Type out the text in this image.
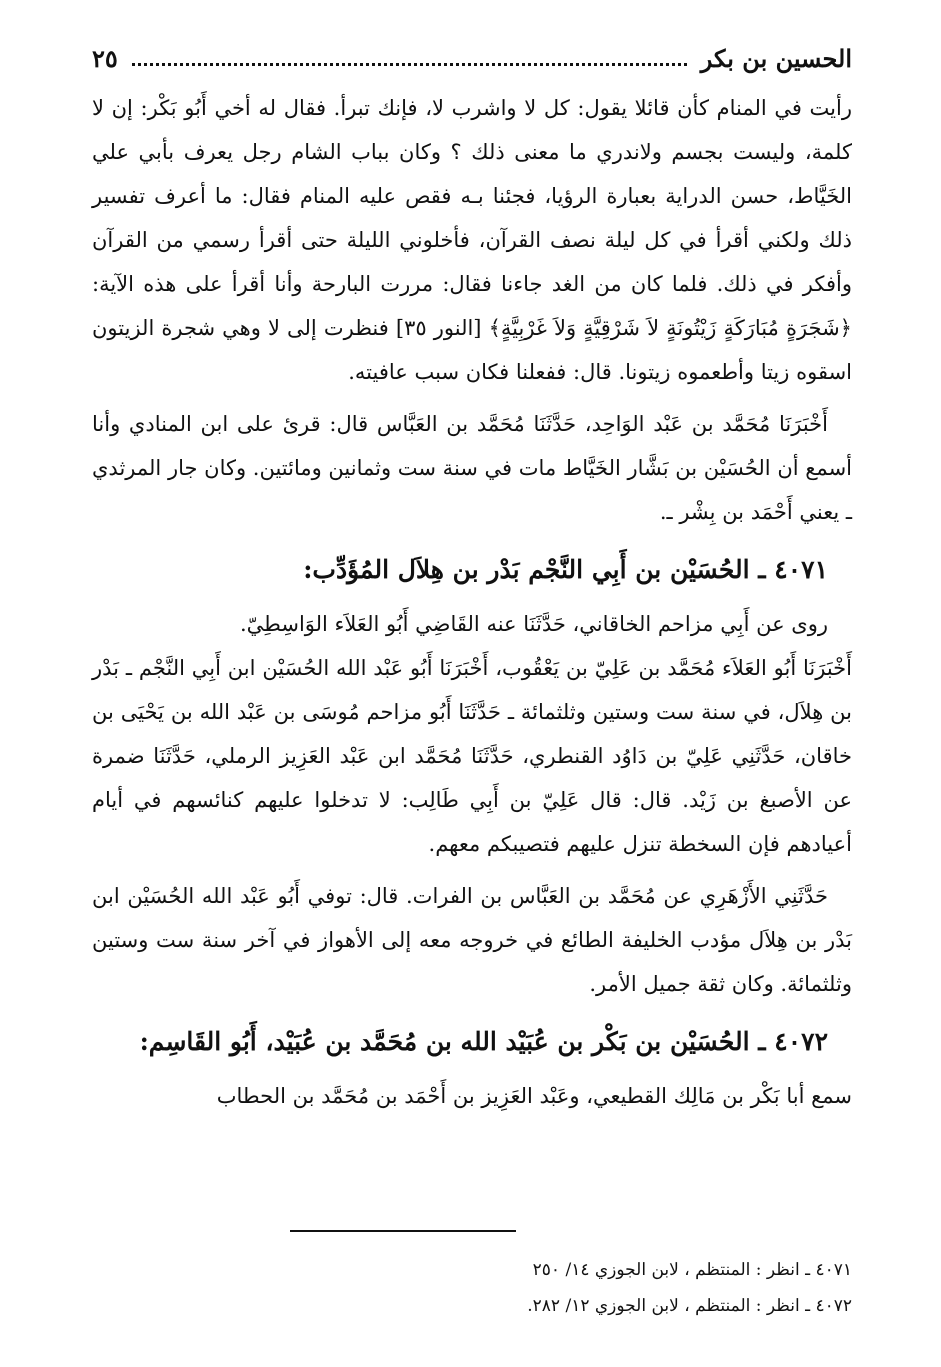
الحسين بن بكر
٢٥

رأيت في المنام كأن قائلا يقول: كل لا واشرب لا، فإنك تبرأ. فقال له أخي أَبُو بَكْر: إن لا كلمة، وليست بجسم ولاندري ما معنى ذلك ؟ وكان بباب الشام رجل يعرف بأبي علي الخَيَّاط، حسن الدراية بعبارة الرؤيا، فجئنا بـه فقص عليه المنام فقال: ما أعرف تفسير ذلك ولكني أقرأ في كل ليلة نصف القرآن، فأخلوني الليلة حتى أقرأ رسمي من القرآن وأفكر في ذلك. فلما كان من الغد جاءنا فقال: مررت البارحة وأنا أقرأ على هذه الآية: ﴿شَجَرَةٍ مُبَارَكَةٍ زَيْتُونَةٍ لاَ شَرْقِيَّةٍ وَلاَ غَرْبِيَّةٍ﴾ [النور ٣٥] فنظرت إلى لا وهي شجرة الزيتون اسقوه زيتا وأطعموه زيتونا. قال: ففعلنا فكان سبب عافيته.

أَخْبَرَنَا مُحَمَّد بن عَبْد الوَاحِد، حَدَّثَنَا مُحَمَّد بن العَبَّاس قال: قرئ على ابن المنادي وأنا أسمع أن الحُسَيْن بن بَشَّار الخَيَّاط مات في سنة ست وثمانين ومائتين. وكان جار المرثدي ـ يعني أَحْمَد بن بِشْر ـ.

٤٠٧١ ـ الحُسَيْن بن أَبِي النَّجْم بَدْر بن هِلاَل المُؤَدِّب:

روى عن أَبِي مزاحم الخاقاني، حَدَّثَنَا عنه القَاضِي أَبُو العَلاَء الوَاسِطِيّ.

أَخْبَرَنَا أَبُو العَلاَء مُحَمَّد بن عَلِيّ بن يَعْقُوب، أَخْبَرَنَا أَبُو عَبْد الله الحُسَيْن ابن أَبِي النَّجْم ـ بَدْر بن هِلاَل، في سنة ست وستين وثلثمائة ـ حَدَّثَنَا أَبُو مزاحم مُوسَى بن عَبْد الله بن يَحْيَى بن خاقان، حَدَّثَنِي عَلِيّ بن دَاوُد القنطري، حَدَّثَنَا مُحَمَّد ابن عَبْد العَزِيز الرملي، حَدَّثَنَا ضمرة عن الأصبغ بن زَيْد. قال: قال عَلِيّ بن أَبِي طَالِب: لا تدخلوا عليهم كنائسهم في أيام أعيادهم فإن السخطة تنزل عليهم فتصيبكم معهم.

حَدَّثَنِي الأَزْهَرِي عن مُحَمَّد بن العَبَّاس بن الفرات. قال: توفي أَبُو عَبْد الله الحُسَيْن ابن بَدْر بن هِلاَل مؤدب الخليفة الطائع في خروجه معه إلى الأهواز في آخر سنة ست وستين وثلثمائة. وكان ثقة جميل الأمر.

٤٠٧٢ ـ الحُسَيْن بن بَكْر بن عُبَيْد الله بن مُحَمَّد بن عُبَيْد، أَبُو القَاسِم:

سمع أبا بَكْر بن مَالِك القطيعي، وعَبْد العَزِيز بن أَحْمَد بن مُحَمَّد بن الحطاب

٤٠٧١ ـ انظر : المنتظم ، لابن الجوزي ١٤/ ٢٥٠

٤٠٧٢ ـ انظر : المنتظم ، لابن الجوزي ١٢/ ٢٨٢.
